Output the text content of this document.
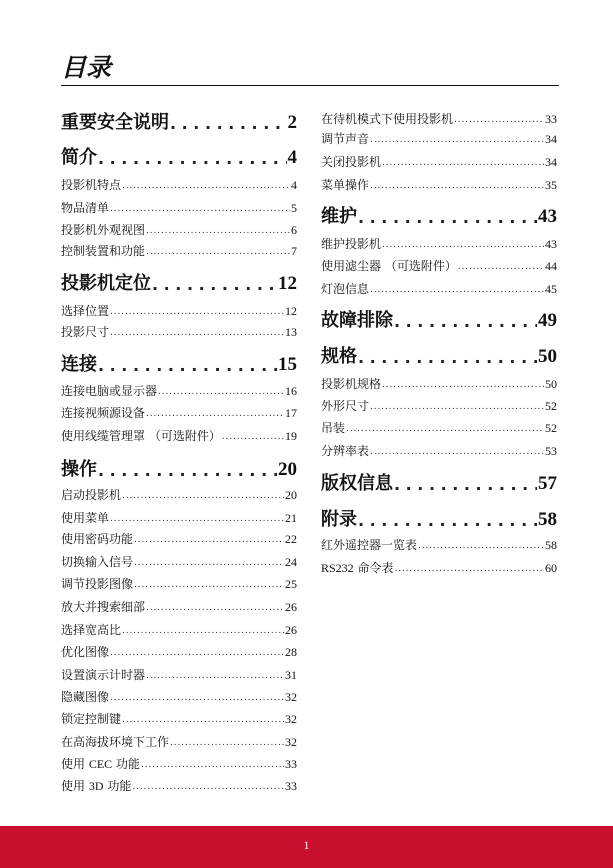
目录
重要安全说明 . . .	2
简介 . . .	4
投影机特点 . . .	4
物品清单 . . .	5
投影机外观视图 . . .	6
控制装置和功能 . . .	7
投影机定位 . . .	12
选择位置 . . .	12
投影尺寸 . . .	13
连接 . . .	15
连接电脑或显示器 . . .	16
连接视频源设备 . . .	17
使用线缆管理罩 （可选附件） . . .	19
操作 . . .	20
启动投影机 . . .	20
使用菜单 . . .	21
使用密码功能 . . .	22
切换输入信号 . . .	24
调节投影图像 . . .	25
放大并搜索细部 . . .	26
选择宽高比 . . .	26
优化图像 . . .	28
设置演示计时器 . . .	31
隐藏图像 . . .	32
锁定控制键 . . .	32
在高海拔环境下工作 . . .	32
使用 CEC 功能 . . .	33
使用 3D 功能 . . .	33
在待机模式下使用投影机 . . .	33
调节声音 . . .	34
关闭投影机 . . .	34
菜单操作 . . .	35
维护 . . .	43
维护投影机 . . .	43
使用滤尘器 （可选附件） . . .	44
灯泡信息 . . .	45
故障排除 . . .	49
规格 . . .	50
投影机规格 . . .	50
外形尺寸 . . .	52
吊装 . . .	52
分辨率表 . . .	53
版权信息 . . .	57
附录 . . .	58
红外遥控器一览表 . . .	58
RS232 命令表 . . .	60
1
